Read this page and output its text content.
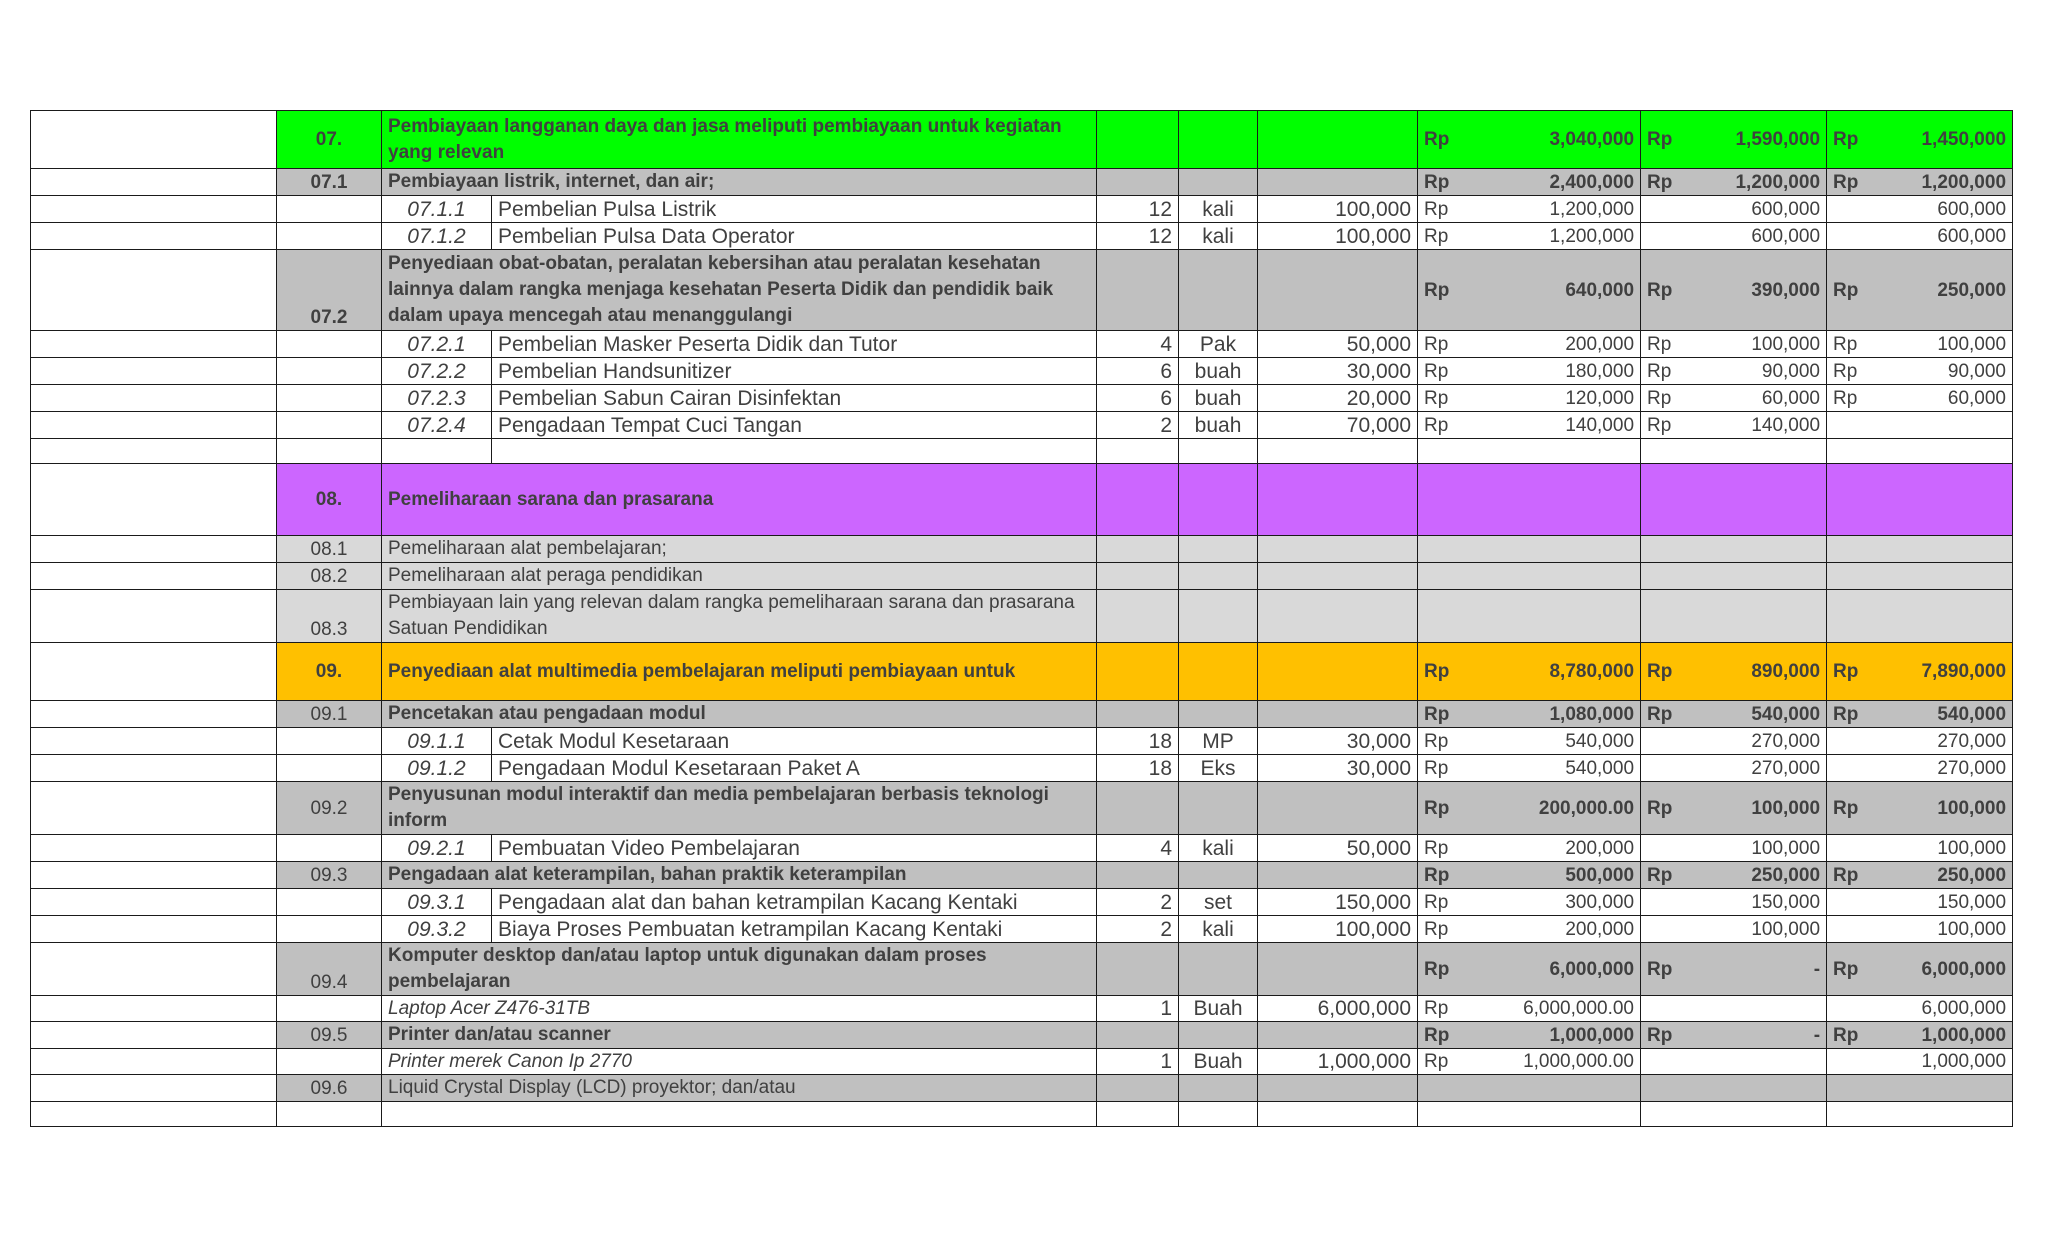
	07.	Pembiayaan langganan daya dan jasa meliputi pembiayaan untuk kegiatan yang relevan					Rp	3,040,000	Rp	1,590,000	Rp	1,450,000
	07.1	Pembiayaan listrik, internet, dan air;					Rp	2,400,000	Rp	1,200,000	Rp	1,200,000
		07.1.1	Pembelian Pulsa Listrik	12	kali	100,000	Rp	1,200,000		600,000		600,000
		07.1.2	Pembelian Pulsa Data Operator	12	kali	100,000	Rp	1,200,000		600,000		600,000
	07.2	Penyediaan obat-obatan, peralatan kebersihan atau peralatan kesehatan lainnya dalam rangka menjaga kesehatan Peserta Didik dan pendidik baik dalam upaya mencegah atau menanggulangi					Rp	640,000	Rp	390,000	Rp	250,000
		07.2.1	Pembelian Masker Peserta Didik dan Tutor	4	Pak	50,000	Rp	200,000	Rp	100,000	Rp	100,000
		07.2.2	Pembelian Handsunitizer	6	buah	30,000	Rp	180,000	Rp	90,000	Rp	90,000
		07.2.3	Pembelian Sabun Cairan Disinfektan	6	buah	20,000	Rp	120,000	Rp	60,000	Rp	60,000
		07.2.4	Pengadaan Tempat Cuci Tangan	2	buah	70,000	Rp	140,000	Rp	140,000		

	08.	Pemeliharaan sarana dan prasarana										
	08.1	Pemeliharaan alat pembelajaran;										
	08.2	Pemeliharaan alat peraga pendidikan										
	08.3	Pembiayaan lain yang relevan dalam rangka pemeliharaan sarana dan prasarana Satuan Pendidikan										
	09.	Penyediaan alat multimedia pembelajaran meliputi pembiayaan untuk					Rp	8,780,000	Rp	890,000	Rp	7,890,000
	09.1	Pencetakan atau pengadaan modul					Rp	1,080,000	Rp	540,000	Rp	540,000
		09.1.1	Cetak Modul Kesetaraan	18	MP	30,000	Rp	540,000		270,000		270,000
		09.1.2	Pengadaan Modul Kesetaraan Paket A	18	Eks	30,000	Rp	540,000		270,000		270,000
	09.2	Penyusunan modul interaktif dan media pembelajaran berbasis teknologi inform					Rp	200,000.00	Rp	100,000	Rp	100,000
		09.2.1	Pembuatan Video Pembelajaran	4	kali	50,000	Rp	200,000		100,000		100,000
	09.3	Pengadaan alat keterampilan, bahan praktik keterampilan					Rp	500,000	Rp	250,000	Rp	250,000
		09.3.1	Pengadaan alat dan bahan ketrampilan Kacang Kentaki	2	set	150,000	Rp	300,000		150,000		150,000
		09.3.2	Biaya Proses Pembuatan ketrampilan Kacang Kentaki	2	kali	100,000	Rp	200,000		100,000		100,000
	09.4	Komputer desktop dan/atau laptop untuk digunakan dalam proses pembelajaran					Rp	6,000,000	Rp	-	Rp	6,000,000
		Laptop Acer Z476-31TB		1	Buah	6,000,000	Rp	6,000,000.00				6,000,000
	09.5	Printer dan/atau scanner					Rp	1,000,000	Rp	-	Rp	1,000,000
		Printer merek Canon Ip 2770		1	Buah	1,000,000	Rp	1,000,000.00				1,000,000
	09.6	Liquid Crystal Display (LCD) proyektor; dan/atau										
